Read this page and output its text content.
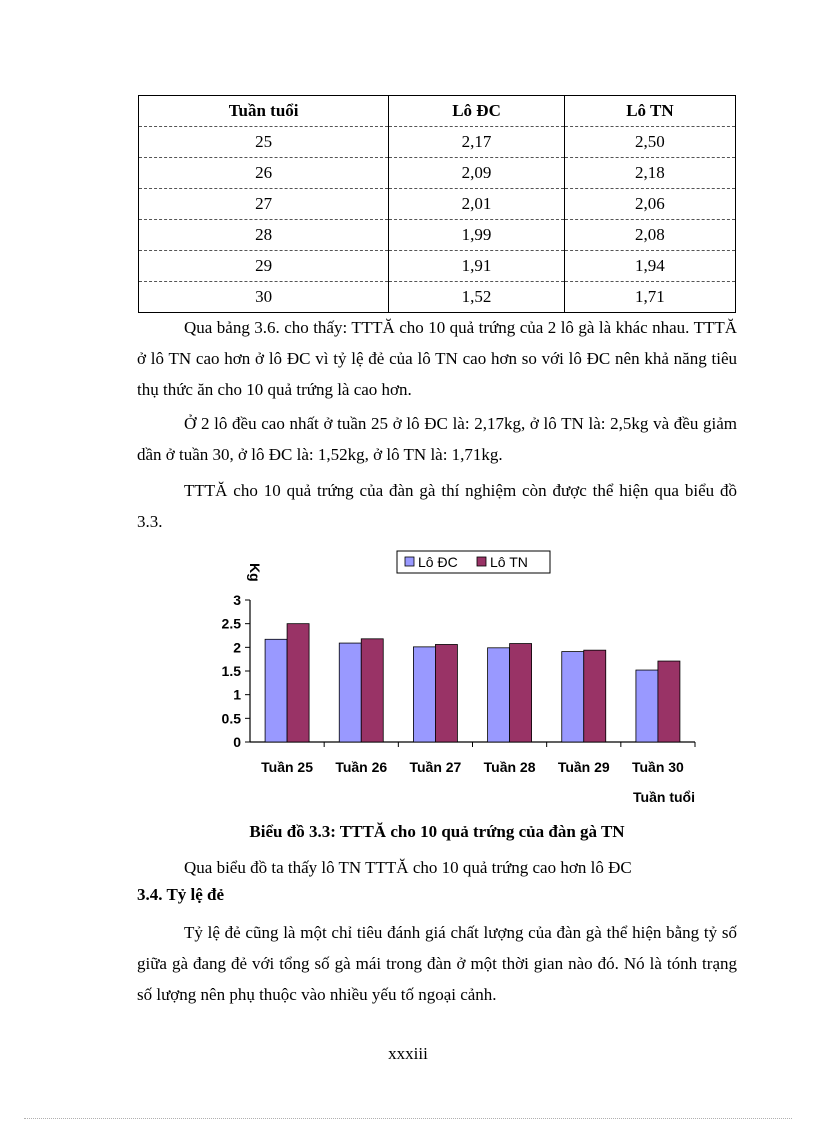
Tuần tuổi	Lô ĐC	Lô TN
25	2,17	2,50
26	2,09	2,18
27	2,01	2,06
28	1,99	2,08
29	1,91	1,94
30	1,52	1,71

Qua bảng 3.6. cho thấy: TTTĂ cho 10 quả trứng của 2 lô gà là khác nhau. TTTĂ ở lô TN cao hơn ở lô ĐC vì tỷ lệ đẻ của lô TN cao hơn so với lô ĐC nên khả năng tiêu thụ thức ăn cho 10 quả trứng là cao hơn.

Ở 2 lô đều cao nhất ở tuần 25 ở lô ĐC là: 2,17kg, ở lô TN là: 2,5kg và đều giảm dần ở tuần 30, ở lô ĐC là: 1,52kg, ở lô TN là: 1,71kg.

TTTĂ cho 10 quả trứng của đàn gà thí nghiệm còn được thể hiện qua biểu đồ 3.3.

Kg
Lô ĐC Lô TN
0
0.5
1
1.5
2
2.5
3
Tuần 25 Tuần 26 Tuần 27 Tuần 28 Tuần 29 Tuần 30
Tuần tuổi
Biểu đồ 3.3: TTTĂ cho 10 quả trứng của đàn gà TN

Qua biểu đồ ta thấy lô TN TTTĂ cho 10 quả trứng cao hơn lô ĐC

3.4. Tỷ lệ đẻ

Tỷ lệ đẻ cũng là một chỉ tiêu đánh giá chất lượng của đàn gà thể hiện bằng tỷ số giữa gà đang đẻ với tổng số gà mái trong đàn ở một thời gian nào đó. Nó là tónh trạng số lượng nên phụ thuộc vào nhiều yếu tố ngoại cảnh.

xxxiii
